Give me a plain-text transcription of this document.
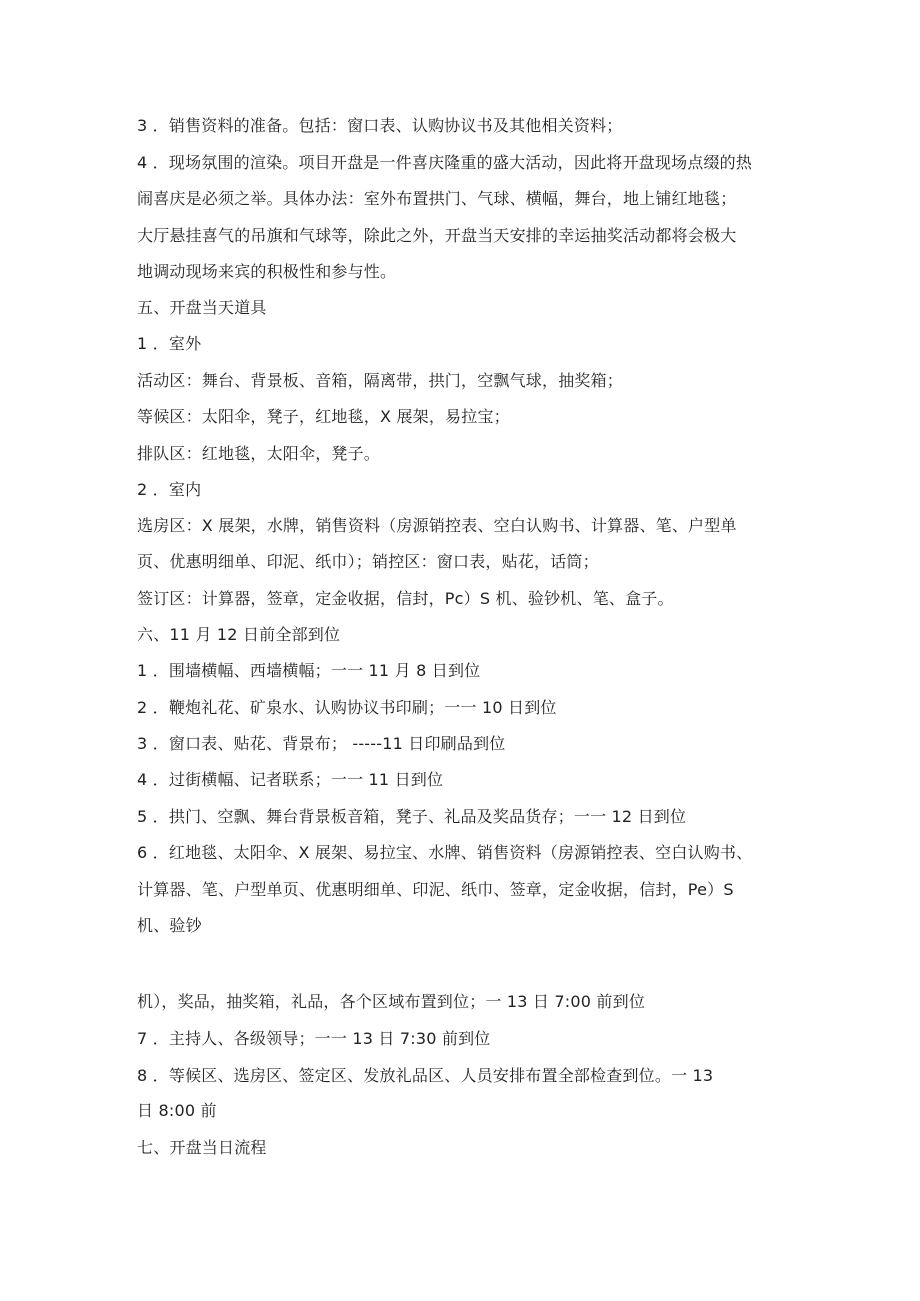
3 ．销售资料的准备。包括：窗口表、认购协议书及其他相关资料；
4 ．现场氛围的渲染。项目开盘是一件喜庆隆重的盛大活动，因此将开盘现场点缀的热
闹喜庆是必须之举。具体办法：室外布置拱门、气球、横幅，舞台，地上铺红地毯；
大厅悬挂喜气的吊旗和气球等，除此之外，开盘当天安排的幸运抽奖活动都将会极大
地调动现场来宾的积极性和参与性。
五、开盘当天道具
1 ．室外
活动区：舞台、背景板、音箱，隔离带，拱门，空飘气球，抽奖箱；
等候区：太阳伞，凳子，红地毯，X 展架，易拉宝；
排队区：红地毯，太阳伞，凳子。
2 ．室内
选房区：X 展架，水牌，销售资料（房源销控表、空白认购书、计算器、笔、户型单
页、优惠明细单、印泥、纸巾）；销控区：窗口表，贴花，话筒；
签订区：计算器，签章，定金收据，信封，Pc）S 机、验钞机、笔、盒子。
六、11 月 12 日前全部到位
1 ．围墙横幅、西墙横幅；一一 11 月 8 日到位
2 ．鞭炮礼花、矿泉水、认购协议书印刷；一一 10 日到位
3 ．窗口表、贴花、背景布； -----11 日印刷品到位
4 ．过街横幅、记者联系；一一 11 日到位
5 ．拱门、空飘、舞台背景板音箱，凳子、礼品及奖品货存；一一 12 日到位
6 ．红地毯、太阳伞、X 展架、易拉宝、水牌、销售资料（房源销控表、空白认购书、
计算器、笔、户型单页、优惠明细单、印泥、纸巾、签章，定金收据，信封，Pe）S
机、验钞
机），奖品，抽奖箱，礼品，各个区域布置到位；一 13 日 7:00 前到位
7 ．主持人、各级领导；一一 13 日 7:30 前到位
8 ．等候区、选房区、签定区、发放礼品区、人员安排布置全部检查到位。一 13
日 8:00 前
七、开盘当日流程
